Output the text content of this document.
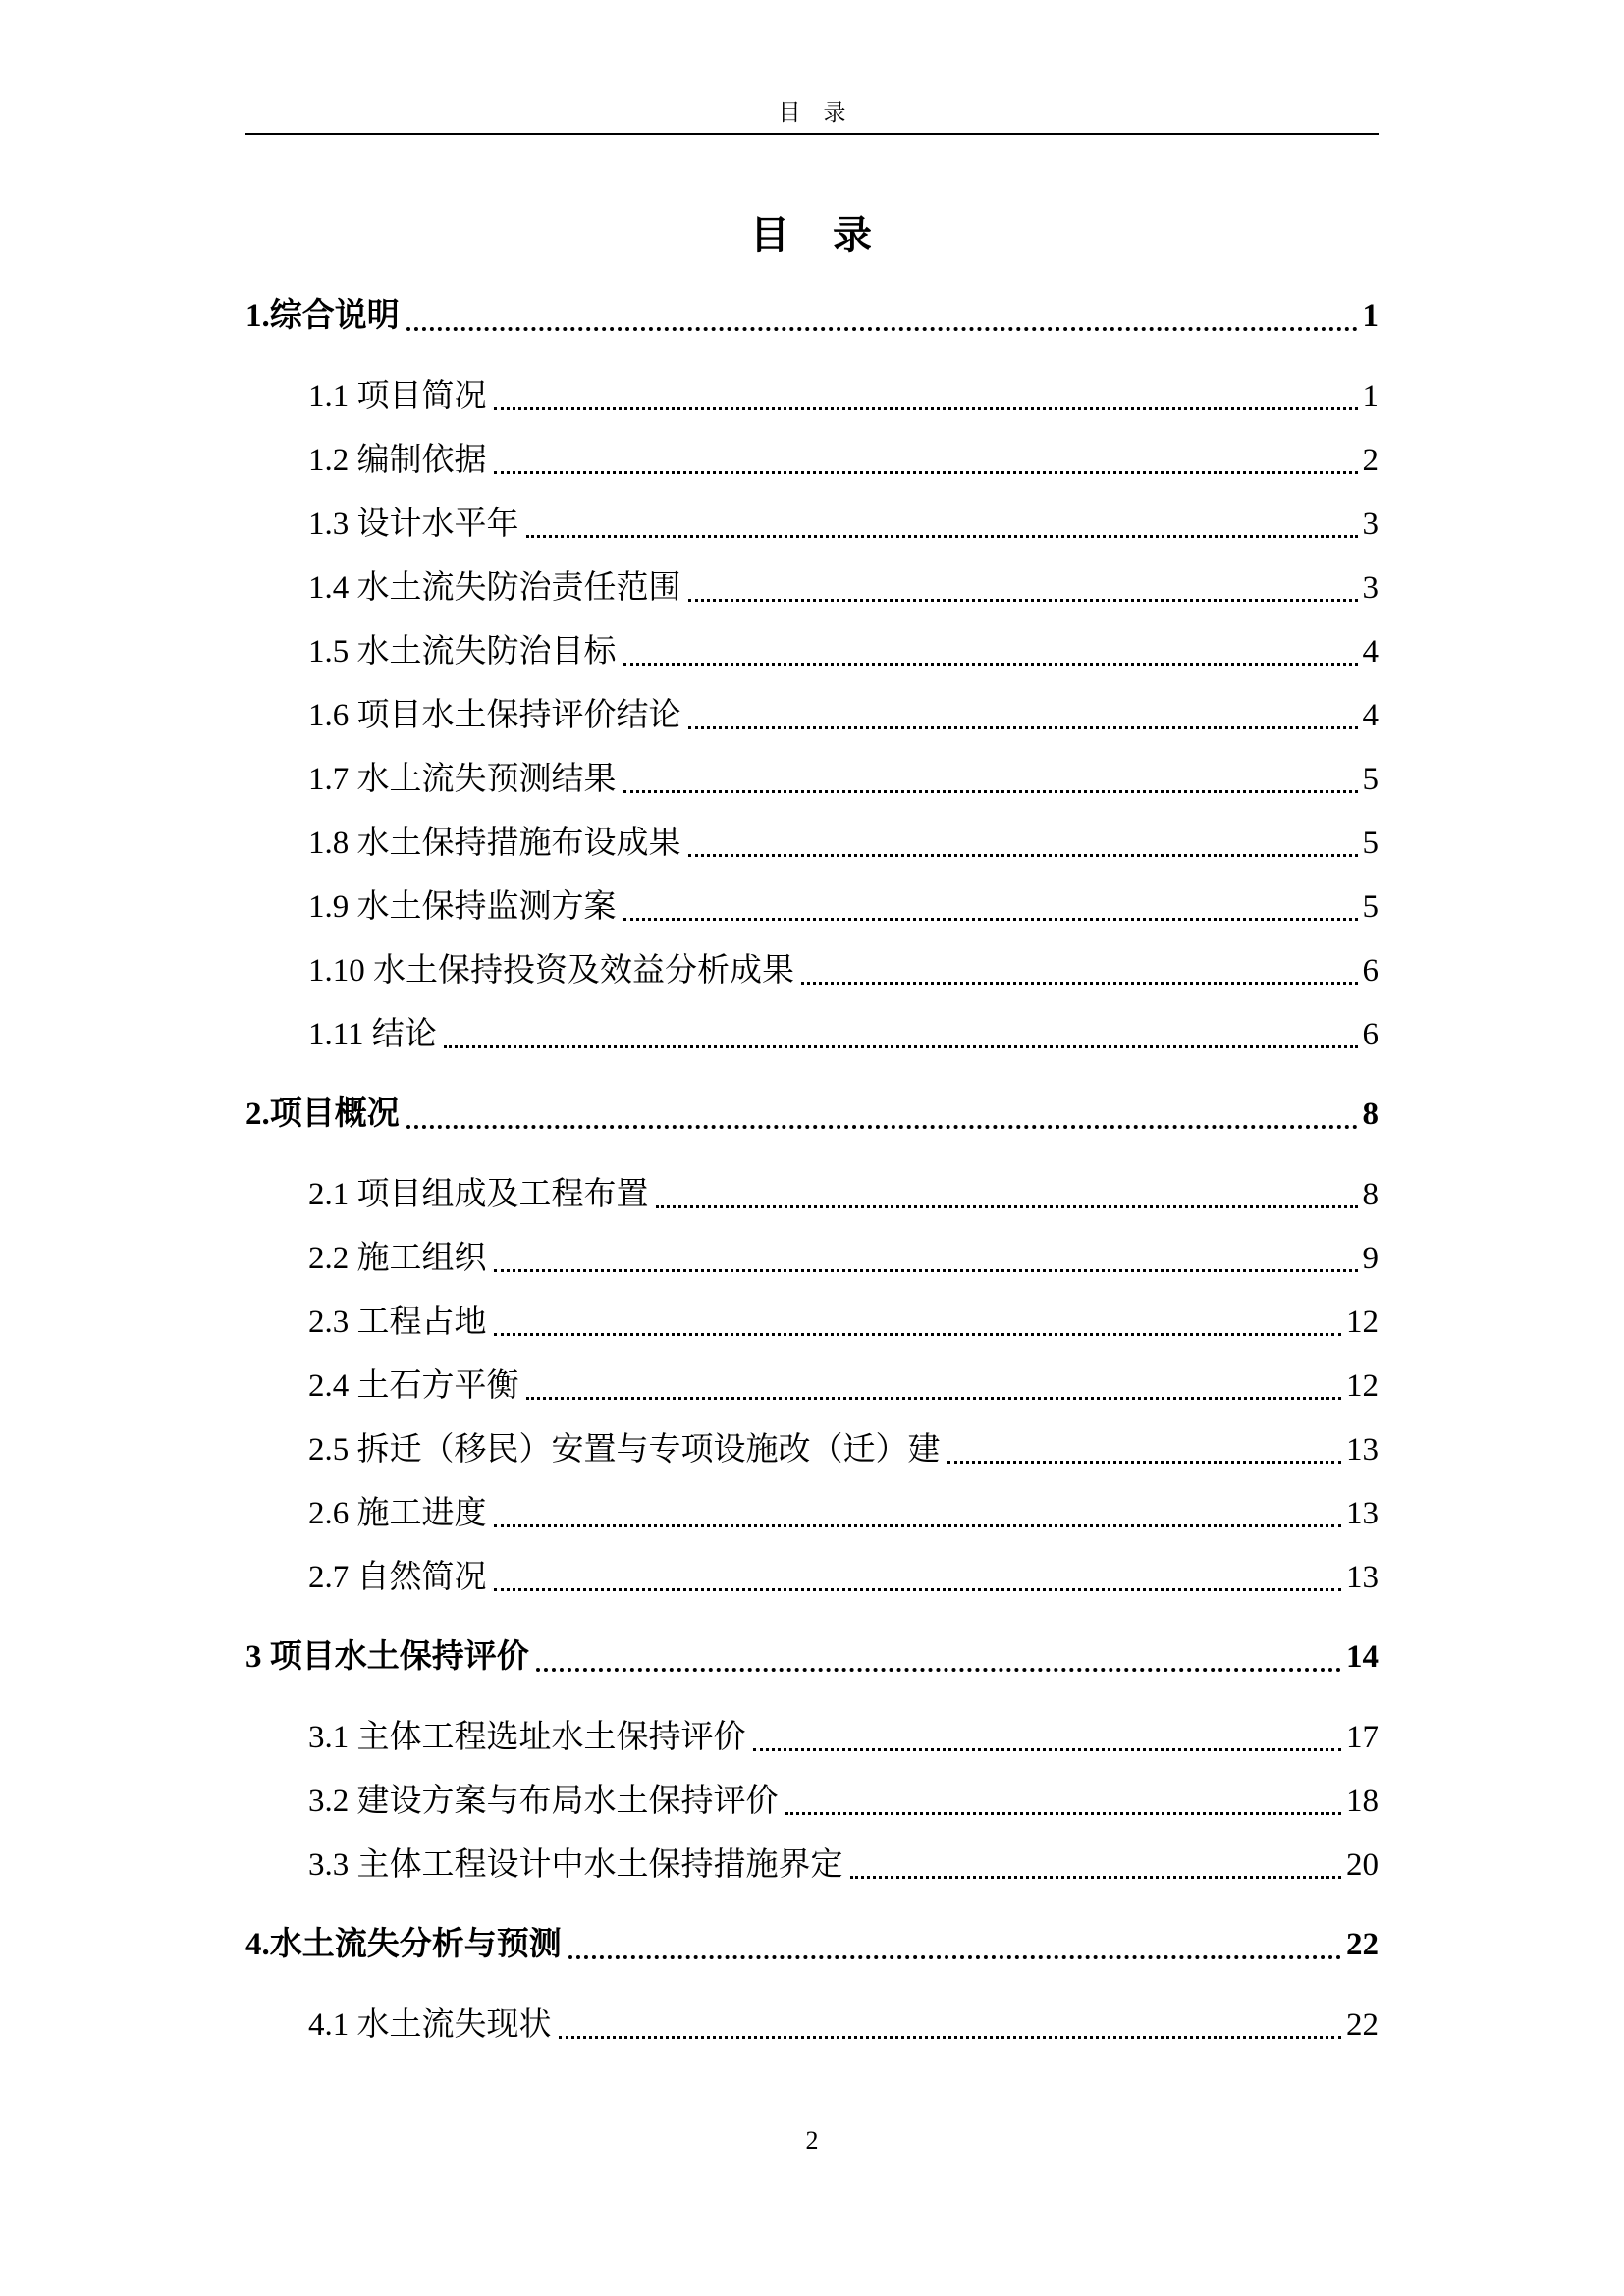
目　录
目　录
1.综合说明	1
1.1 项目简况	1
1.2 编制依据	2
1.3 设计水平年	3
1.4 水土流失防治责任范围	3
1.5 水土流失防治目标	4
1.6 项目水土保持评价结论	4
1.7 水土流失预测结果	5
1.8 水土保持措施布设成果	5
1.9 水土保持监测方案	5
1.10 水土保持投资及效益分析成果	6
1.11 结论	6
2.项目概况	8
2.1 项目组成及工程布置	8
2.2 施工组织	9
2.3 工程占地	12
2.4 土石方平衡	12
2.5 拆迁（移民）安置与专项设施改（迁）建	13
2.6 施工进度	13
2.7 自然简况	13
3 项目水土保持评价	14
3.1 主体工程选址水土保持评价	17
3.2 建设方案与布局水土保持评价	18
3.3 主体工程设计中水土保持措施界定	20
4.水土流失分析与预测	22
4.1 水土流失现状	22
2
